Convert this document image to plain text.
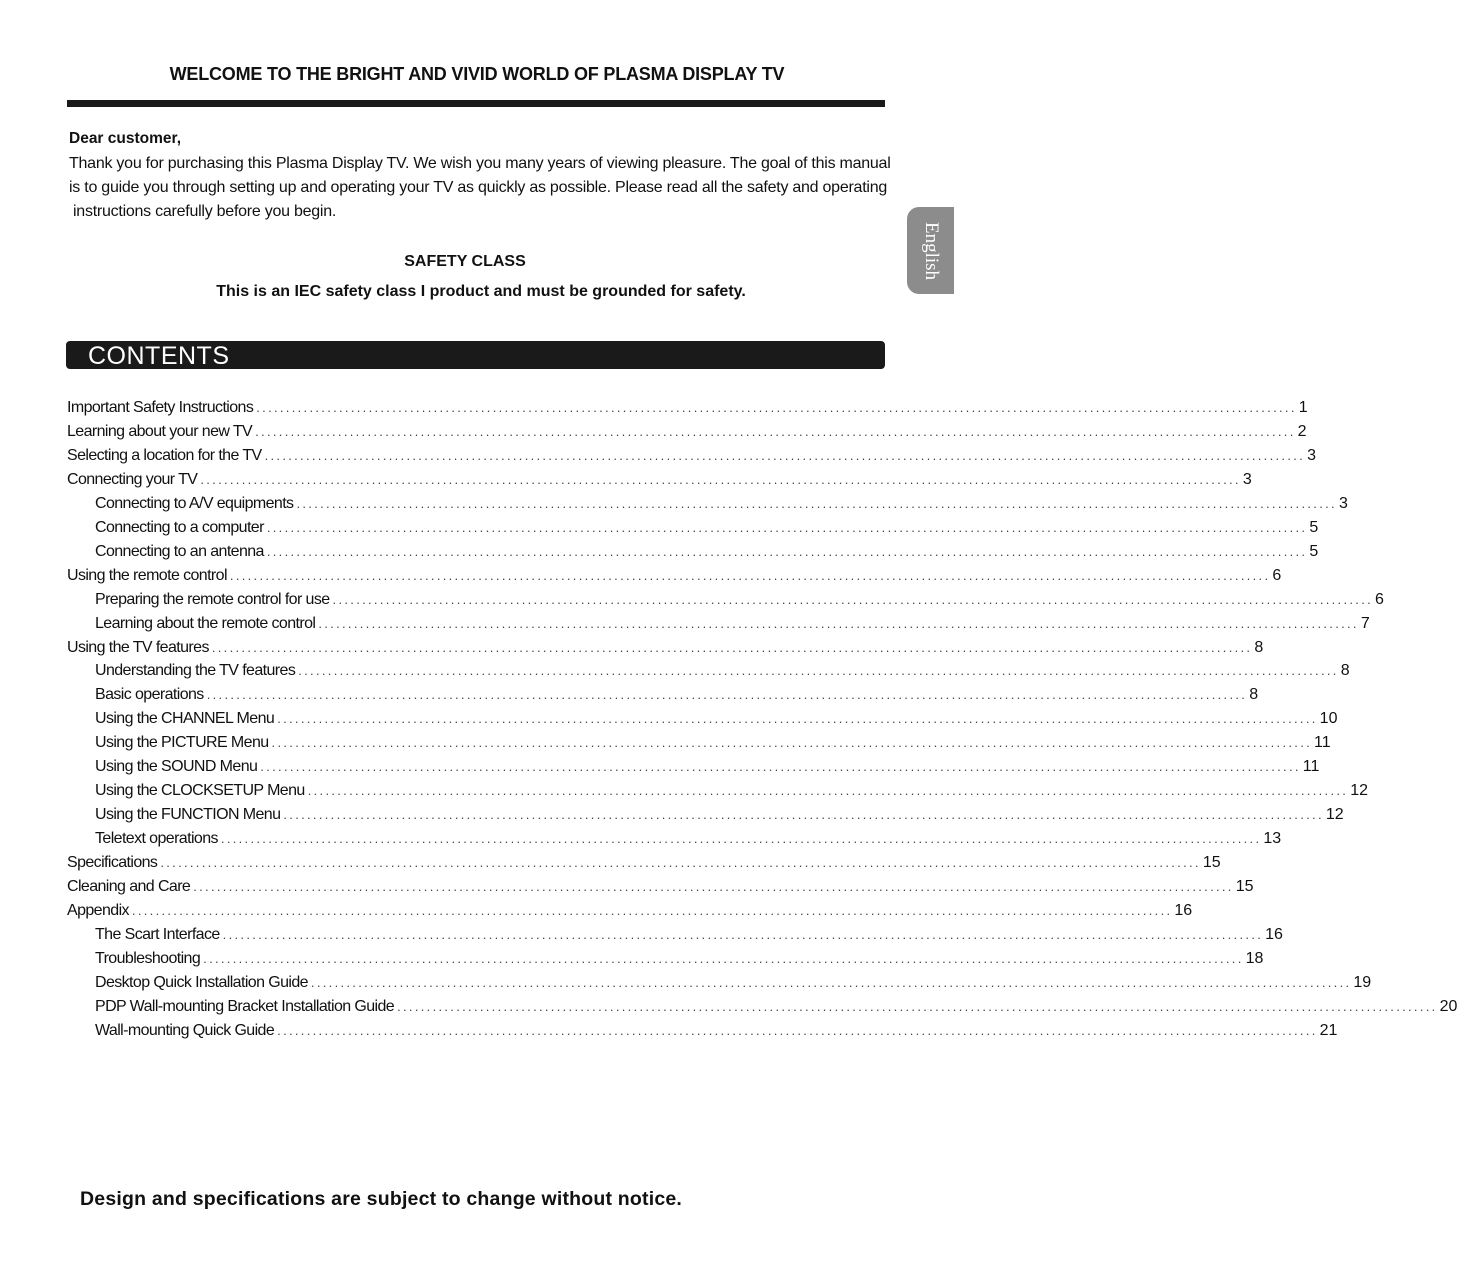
WELCOME TO THE BRIGHT AND VIVID WORLD OF PLASMA DISPLAY TV
Dear customer,
Thank you for purchasing this Plasma Display TV. We wish you many years of viewing pleasure. The goal of this manual
is to guide you through setting up and operating your TV as quickly as possible. Please read all the safety and operating
instructions carefully before you begin.
SAFETY CLASS
This is an IEC safety class I product and must be grounded for safety.
English
CONTENTS
Important Safety Instructions ................................................................................................................................................................................ 1
Learning about your new TV ................................................................................................................................................................................ 2
Selecting a location for the TV ................................................................................................................................................................................ 3
Connecting your TV ................................................................................................................................................................................ 3
Connecting to A/V equipments ................................................................................................................................................................................ 3
Connecting to a computer ................................................................................................................................................................................ 5
Connecting to an antenna ................................................................................................................................................................................ 5
Using the remote control ................................................................................................................................................................................ 6
Preparing the remote control for use ................................................................................................................................................................................ 6
Learning about the remote control ................................................................................................................................................................................ 7
Using the TV features ................................................................................................................................................................................ 8
Understanding the TV features ................................................................................................................................................................................ 8
Basic operations ................................................................................................................................................................................ 8
Using the CHANNEL Menu ................................................................................................................................................................................ 10
Using the PICTURE Menu ................................................................................................................................................................................ 11
Using the SOUND Menu ................................................................................................................................................................................ 11
Using the CLOCKSETUP Menu ................................................................................................................................................................................ 12
Using the FUNCTION Menu ................................................................................................................................................................................ 12
Teletext operations ................................................................................................................................................................................ 13
Specifications ................................................................................................................................................................................ 15
Cleaning and Care ................................................................................................................................................................................ 15
Appendix ................................................................................................................................................................................ 16
The Scart Interface ................................................................................................................................................................................ 16
Troubleshooting ................................................................................................................................................................................ 18
Desktop Quick Installation Guide ................................................................................................................................................................................ 19
PDP Wall-mounting Bracket Installation Guide ................................................................................................................................................................................ 20
Wall-mounting Quick Guide ................................................................................................................................................................................ 21
Design and specifications are subject to change without notice.
